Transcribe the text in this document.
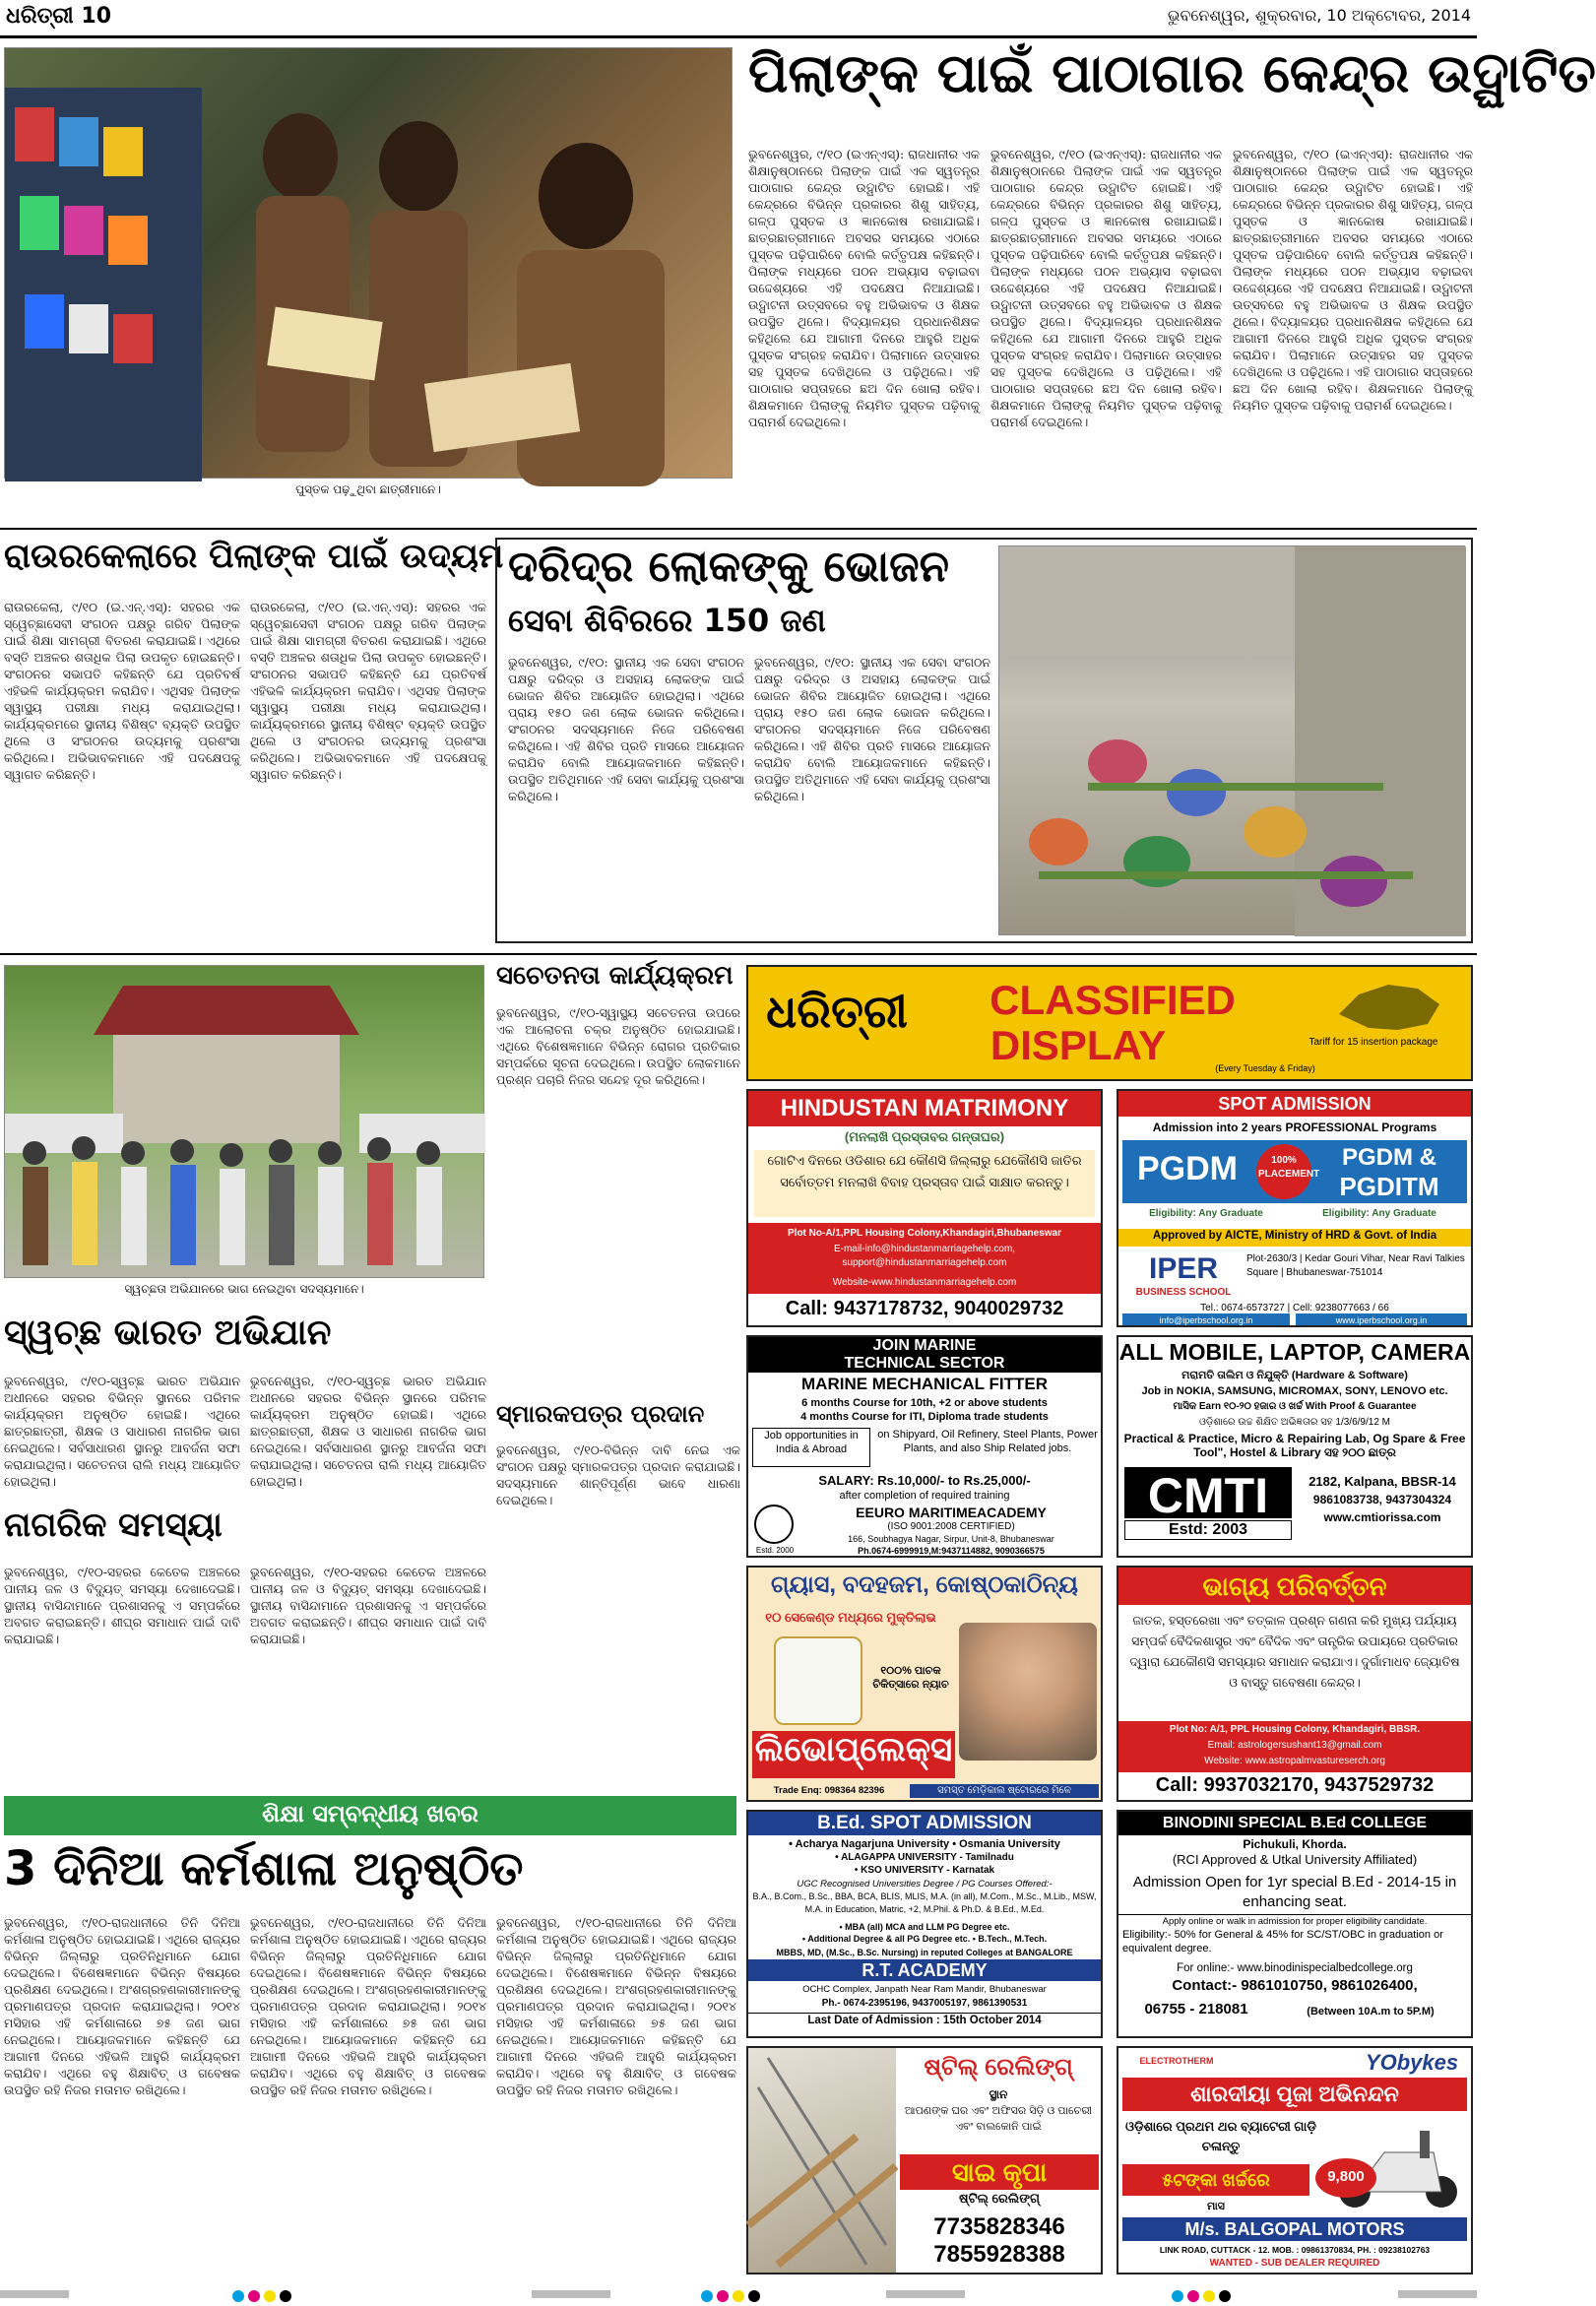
ଧରିତ୍ରୀ 10	ଭୁବନେଶ୍ୱର, ଶୁକ୍ରବାର, 10 ଅକ୍ଟୋବର, 2014
ପୁସ୍ତକ ପଢ଼ୁଥିବା ଛାତ୍ରୀମାନେ।
ପିଲାଙ୍କ ପାଇଁ ପାଠାଗାର କେନ୍ଦ୍ର ଉଦ୍ଘାଟିତ
ଭୁବନେଶ୍ୱର, ୯/୧୦ (ଇଏନ୍‌ଏସ୍): ରାଜଧାନୀର ଏକ ଶିକ୍ଷାନୁଷ୍ଠାନରେ ପିଲାଙ୍କ ପାଇଁ ଏକ ସ୍ୱତନ୍ତ୍ର ପାଠାଗାର କେନ୍ଦ୍ର ଉଦ୍ଘାଟିତ ହୋଇଛି। ଏହି କେନ୍ଦ୍ରରେ ବିଭିନ୍ନ ପ୍ରକାରର ଶିଶୁ ସାହିତ୍ୟ, ଗଳ୍ପ ପୁସ୍ତକ ଓ ଜ୍ଞାନକୋଷ ରଖାଯାଇଛି। ଛାତ୍ରଛାତ୍ରୀମାନେ ଅବସର ସମୟରେ ଏଠାରେ ପୁସ୍ତକ ପଢ଼ିପାରିବେ ବୋଲି କର୍ତ୍ତୃପକ୍ଷ କହିଛନ୍ତି। ପିଲାଙ୍କ ମଧ୍ୟରେ ପଠନ ଅଭ୍ୟାସ ବଢ଼ାଇବା ଉଦ୍ଦେଶ୍ୟରେ ଏହି ପଦକ୍ଷେପ ନିଆଯାଇଛି। ଉଦ୍ଘାଟନୀ ଉତ୍ସବରେ ବହୁ ଅଭିଭାବକ ଓ ଶିକ୍ଷକ ଉପସ୍ଥିତ ଥିଲେ। ବିଦ୍ୟାଳୟର ପ୍ରଧାନଶିକ୍ଷକ କହିଥିଲେ ଯେ ଆଗାମୀ ଦିନରେ ଆହୁରି ଅଧିକ ପୁସ୍ତକ ସଂଗ୍ରହ କରାଯିବ। ପିଲାମାନେ ଉତ୍ସାହର ସହ ପୁସ୍ତକ ଦେଖିଥିଲେ ଓ ପଢ଼ିଥିଲେ। ଏହି ପାଠାଗାର ସପ୍ତାହରେ ଛଅ ଦିନ ଖୋଲା ରହିବ। ଶିକ୍ଷକମାନେ ପିଲାଙ୍କୁ ନିୟମିତ ପୁସ୍ତକ ପଢ଼ିବାକୁ ପରାମର୍ଶ ଦେଇଥିଲେ।
ଭୁବନେଶ୍ୱର, ୯/୧୦ (ଇଏନ୍‌ଏସ୍): ରାଜଧାନୀର ଏକ ଶିକ୍ଷାନୁଷ୍ଠାନରେ ପିଲାଙ୍କ ପାଇଁ ଏକ ସ୍ୱତନ୍ତ୍ର ପାଠାଗାର କେନ୍ଦ୍ର ଉଦ୍ଘାଟିତ ହୋଇଛି। ଏହି କେନ୍ଦ୍ରରେ ବିଭିନ୍ନ ପ୍ରକାରର ଶିଶୁ ସାହିତ୍ୟ, ଗଳ୍ପ ପୁସ୍ତକ ଓ ଜ୍ଞାନକୋଷ ରଖାଯାଇଛି। ଛାତ୍ରଛାତ୍ରୀମାନେ ଅବସର ସମୟରେ ଏଠାରେ ପୁସ୍ତକ ପଢ଼ିପାରିବେ ବୋଲି କର୍ତ୍ତୃପକ୍ଷ କହିଛନ୍ତି। ପିଲାଙ୍କ ମଧ୍ୟରେ ପଠନ ଅଭ୍ୟାସ ବଢ଼ାଇବା ଉଦ୍ଦେଶ୍ୟରେ ଏହି ପଦକ୍ଷେପ ନିଆଯାଇଛି। ଉଦ୍ଘାଟନୀ ଉତ୍ସବରେ ବହୁ ଅଭିଭାବକ ଓ ଶିକ୍ଷକ ଉପସ୍ଥିତ ଥିଲେ। ବିଦ୍ୟାଳୟର ପ୍ରଧାନଶିକ୍ଷକ କହିଥିଲେ ଯେ ଆଗାମୀ ଦିନରେ ଆହୁରି ଅଧିକ ପୁସ୍ତକ ସଂଗ୍ରହ କରାଯିବ। ପିଲାମାନେ ଉତ୍ସାହର ସହ ପୁସ୍ତକ ଦେଖିଥିଲେ ଓ ପଢ଼ିଥିଲେ। ଏହି ପାଠାଗାର ସପ୍ତାହରେ ଛଅ ଦିନ ଖୋଲା ରହିବ। ଶିକ୍ଷକମାନେ ପିଲାଙ୍କୁ ନିୟମିତ ପୁସ୍ତକ ପଢ଼ିବାକୁ ପରାମର୍ଶ ଦେଇଥିଲେ।
ଭୁବନେଶ୍ୱର, ୯/୧୦ (ଇଏନ୍‌ଏସ୍): ରାଜଧାନୀର ଏକ ଶିକ୍ଷାନୁଷ୍ଠାନରେ ପିଲାଙ୍କ ପାଇଁ ଏକ ସ୍ୱତନ୍ତ୍ର ପାଠାଗାର କେନ୍ଦ୍ର ଉଦ୍ଘାଟିତ ହୋଇଛି। ଏହି କେନ୍ଦ୍ରରେ ବିଭିନ୍ନ ପ୍ରକାରର ଶିଶୁ ସାହିତ୍ୟ, ଗଳ୍ପ ପୁସ୍ତକ ଓ ଜ୍ଞାନକୋଷ ରଖାଯାଇଛି। ଛାତ୍ରଛାତ୍ରୀମାନେ ଅବସର ସମୟରେ ଏଠାରେ ପୁସ୍ତକ ପଢ଼ିପାରିବେ ବୋଲି କର୍ତ୍ତୃପକ୍ଷ କହିଛନ୍ତି। ପିଲାଙ୍କ ମଧ୍ୟରେ ପଠନ ଅଭ୍ୟାସ ବଢ଼ାଇବା ଉଦ୍ଦେଶ୍ୟରେ ଏହି ପଦକ୍ଷେପ ନିଆଯାଇଛି। ଉଦ୍ଘାଟନୀ ଉତ୍ସବରେ ବହୁ ଅଭିଭାବକ ଓ ଶିକ୍ଷକ ଉପସ୍ଥିତ ଥିଲେ। ବିଦ୍ୟାଳୟର ପ୍ରଧାନଶିକ୍ଷକ କହିଥିଲେ ଯେ ଆଗାମୀ ଦିନରେ ଆହୁରି ଅଧିକ ପୁସ୍ତକ ସଂଗ୍ରହ କରାଯିବ। ପିଲାମାନେ ଉତ୍ସାହର ସହ ପୁସ୍ତକ ଦେଖିଥିଲେ ଓ ପଢ଼ିଥିଲେ। ଏହି ପାଠାଗାର ସପ୍ତାହରେ ଛଅ ଦିନ ଖୋଲା ରହିବ। ଶିକ୍ଷକମାନେ ପିଲାଙ୍କୁ ନିୟମିତ ପୁସ୍ତକ ପଢ଼ିବାକୁ ପରାମର୍ଶ ଦେଇଥିଲେ।
ରାଉରକେଲାରେ ପିଲାଙ୍କ ପାଇଁ ଉଦ୍ୟମ
ରାଉରକେଲା, ୯/୧୦ (ଇ.ଏନ୍.ଏସ୍): ସହରର ଏକ ସ୍ୱେଚ୍ଛାସେବୀ ସଂଗଠନ ପକ୍ଷରୁ ଗରିବ ପିଲାଙ୍କ ପାଇଁ ଶିକ୍ଷା ସାମଗ୍ରୀ ବିତରଣ କରାଯାଇଛି। ଏଥିରେ ବସ୍ତି ଅଞ୍ଚଳର ଶତାଧିକ ପିଲା ଉପକୃତ ହୋଇଛନ୍ତି। ସଂଗଠନର ସଭାପତି କହିଛନ୍ତି ଯେ ପ୍ରତିବର୍ଷ ଏହିଭଳି କାର୍ଯ୍ୟକ୍ରମ କରାଯିବ। ଏଥିସହ ପିଲାଙ୍କ ସ୍ୱାସ୍ଥ୍ୟ ପରୀକ୍ଷା ମଧ୍ୟ କରାଯାଇଥିଲା। କାର୍ଯ୍ୟକ୍ରମରେ ସ୍ଥାନୀୟ ବିଶିଷ୍ଟ ବ୍ୟକ୍ତି ଉପସ୍ଥିତ ଥିଲେ ଓ ସଂଗଠନର ଉଦ୍ୟମକୁ ପ୍ରଶଂସା କରିଥିଲେ। ଅଭିଭାବକମାନେ ଏହି ପଦକ୍ଷେପକୁ ସ୍ୱାଗତ କରିଛନ୍ତି।
ରାଉରକେଲା, ୯/୧୦ (ଇ.ଏନ୍.ଏସ୍): ସହରର ଏକ ସ୍ୱେଚ୍ଛାସେବୀ ସଂଗଠନ ପକ୍ଷରୁ ଗରିବ ପିଲାଙ୍କ ପାଇଁ ଶିକ୍ଷା ସାମଗ୍ରୀ ବିତରଣ କରାଯାଇଛି। ଏଥିରେ ବସ୍ତି ଅଞ୍ଚଳର ଶତାଧିକ ପିଲା ଉପକୃତ ହୋଇଛନ୍ତି। ସଂଗଠନର ସଭାପତି କହିଛନ୍ତି ଯେ ପ୍ରତିବର୍ଷ ଏହିଭଳି କାର୍ଯ୍ୟକ୍ରମ କରାଯିବ। ଏଥିସହ ପିଲାଙ୍କ ସ୍ୱାସ୍ଥ୍ୟ ପରୀକ୍ଷା ମଧ୍ୟ କରାଯାଇଥିଲା। କାର୍ଯ୍ୟକ୍ରମରେ ସ୍ଥାନୀୟ ବିଶିଷ୍ଟ ବ୍ୟକ୍ତି ଉପସ୍ଥିତ ଥିଲେ ଓ ସଂଗଠନର ଉଦ୍ୟମକୁ ପ୍ରଶଂସା କରିଥିଲେ। ଅଭିଭାବକମାନେ ଏହି ପଦକ୍ଷେପକୁ ସ୍ୱାଗତ କରିଛନ୍ତି।
ଦରିଦ୍ର ଲୋକଙ୍କୁ ଭୋଜନ
ସେବା ଶିବିରରେ 150 ଜଣ
ଭୁବନେଶ୍ୱର, ୯/୧୦: ସ୍ଥାନୀୟ ଏକ ସେବା ସଂଗଠନ ପକ୍ଷରୁ ଦରିଦ୍ର ଓ ଅସହାୟ ଲୋକଙ୍କ ପାଇଁ ଭୋଜନ ଶିବିର ଆୟୋଜିତ ହୋଇଥିଲା। ଏଥିରେ ପ୍ରାୟ ୧୫୦ ଜଣ ଲୋକ ଭୋଜନ କରିଥିଲେ। ସଂଗଠନର ସଦସ୍ୟମାନେ ନିଜେ ପରିବେଷଣ କରିଥିଲେ। ଏହି ଶିବିର ପ୍ରତି ମାସରେ ଆୟୋଜନ କରାଯିବ ବୋଲି ଆୟୋଜକମାନେ କହିଛନ୍ତି। ଉପସ୍ଥିତ ଅତିଥିମାନେ ଏହି ସେବା କାର୍ଯ୍ୟକୁ ପ୍ରଶଂସା କରିଥିଲେ।
ଭୁବନେଶ୍ୱର, ୯/୧୦: ସ୍ଥାନୀୟ ଏକ ସେବା ସଂଗଠନ ପକ୍ଷରୁ ଦରିଦ୍ର ଓ ଅସହାୟ ଲୋକଙ୍କ ପାଇଁ ଭୋଜନ ଶିବିର ଆୟୋଜିତ ହୋଇଥିଲା। ଏଥିରେ ପ୍ରାୟ ୧୫୦ ଜଣ ଲୋକ ଭୋଜନ କରିଥିଲେ। ସଂଗଠନର ସଦସ୍ୟମାନେ ନିଜେ ପରିବେଷଣ କରିଥିଲେ। ଏହି ଶିବିର ପ୍ରତି ମାସରେ ଆୟୋଜନ କରାଯିବ ବୋଲି ଆୟୋଜକମାନେ କହିଛନ୍ତି। ଉପସ୍ଥିତ ଅତିଥିମାନେ ଏହି ସେବା କାର୍ଯ୍ୟକୁ ପ୍ରଶଂସା କରିଥିଲେ।
ସ୍ୱଚ୍ଛତା ଅଭିଯାନରେ ଭାଗ ନେଇଥିବା ସଦସ୍ୟମାନେ।
ସଚେତନତା କାର୍ଯ୍ୟକ୍ରମ
ଭୁବନେଶ୍ୱର, ୯/୧୦-ସ୍ୱାସ୍ଥ୍ୟ ସଚେତନତା ଉପରେ ଏକ ଆଲୋଚନା ଚକ୍ର ଅନୁଷ୍ଠିତ ହୋଇଯାଇଛି। ଏଥିରେ ବିଶେଷଜ୍ଞମାନେ ବିଭିନ୍ନ ରୋଗର ପ୍ରତିକାର ସମ୍ପର୍କରେ ସୂଚନା ଦେଇଥିଲେ। ଉପସ୍ଥିତ ଲୋକମାନେ ପ୍ରଶ୍ନ ପଚାରି ନିଜର ସନ୍ଦେହ ଦୂର କରିଥିଲେ।
ସ୍ୱଚ୍ଛ ଭାରତ ଅଭିଯାନ
ଭୁବନେଶ୍ୱର, ୯/୧୦-ସ୍ୱଚ୍ଛ ଭାରତ ଅଭିଯାନ ଅଧୀନରେ ସହରର ବିଭିନ୍ନ ସ୍ଥାନରେ ପରିମଳ କାର୍ଯ୍ୟକ୍ରମ ଅନୁଷ୍ଠିତ ହୋଇଛି। ଏଥିରେ ଛାତ୍ରଛାତ୍ରୀ, ଶିକ୍ଷକ ଓ ସାଧାରଣ ନାଗରିକ ଭାଗ ନେଇଥିଲେ। ସର୍ବସାଧାରଣ ସ୍ଥାନରୁ ଆବର୍ଜନା ସଫା କରାଯାଇଥିଲା। ସଚେତନତା ରାଲି ମଧ୍ୟ ଆୟୋଜିତ ହୋଇଥିଲା।
ଭୁବନେଶ୍ୱର, ୯/୧୦-ସ୍ୱଚ୍ଛ ଭାରତ ଅଭିଯାନ ଅଧୀନରେ ସହରର ବିଭିନ୍ନ ସ୍ଥାନରେ ପରିମଳ କାର୍ଯ୍ୟକ୍ରମ ଅନୁଷ୍ଠିତ ହୋଇଛି। ଏଥିରେ ଛାତ୍ରଛାତ୍ରୀ, ଶିକ୍ଷକ ଓ ସାଧାରଣ ନାଗରିକ ଭାଗ ନେଇଥିଲେ। ସର୍ବସାଧାରଣ ସ୍ଥାନରୁ ଆବର୍ଜନା ସଫା କରାଯାଇଥିଲା। ସଚେତନତା ରାଲି ମଧ୍ୟ ଆୟୋଜିତ ହୋଇଥିଲା।
ସ୍ମାରକପତ୍ର ପ୍ରଦାନ
ଭୁବନେଶ୍ୱର, ୯/୧୦-ବିଭିନ୍ନ ଦାବି ନେଇ ଏକ ସଂଗଠନ ପକ୍ଷରୁ ସ୍ମାରକପତ୍ର ପ୍ରଦାନ କରାଯାଇଛି। ସଦସ୍ୟମାନେ ଶାନ୍ତିପୂର୍ଣ୍ଣ ଭାବେ ଧାରଣା ଦେଇଥିଲେ।
ନାଗରିକ ସମସ୍ୟା
ଭୁବନେଶ୍ୱର, ୯/୧୦-ସହରର କେତେକ ଅଞ୍ଚଳରେ ପାନୀୟ ଜଳ ଓ ବିଦ୍ୟୁତ୍ ସମସ୍ୟା ଦେଖାଦେଇଛି। ସ୍ଥାନୀୟ ବାସିନ୍ଦାମାନେ ପ୍ରଶାସନକୁ ଏ ସମ୍ପର୍କରେ ଅବଗତ କରାଇଛନ୍ତି। ଶୀଘ୍ର ସମାଧାନ ପାଇଁ ଦାବି କରାଯାଇଛି।
ଭୁବନେଶ୍ୱର, ୯/୧୦-ସହରର କେତେକ ଅଞ୍ଚଳରେ ପାନୀୟ ଜଳ ଓ ବିଦ୍ୟୁତ୍ ସମସ୍ୟା ଦେଖାଦେଇଛି। ସ୍ଥାନୀୟ ବାସିନ୍ଦାମାନେ ପ୍ରଶାସନକୁ ଏ ସମ୍ପର୍କରେ ଅବଗତ କରାଇଛନ୍ତି। ଶୀଘ୍ର ସମାଧାନ ପାଇଁ ଦାବି କରାଯାଇଛି।
ଶିକ୍ଷା ସମ୍ବନ୍ଧୀୟ ଖବର
3 ଦିନିଆ କର୍ମଶାଳା ଅନୁଷ୍ଠିତ
ଭୁବନେଶ୍ୱର, ୯/୧୦-ରାଜଧାନୀରେ ତିନି ଦିନିଆ କର୍ମଶାଳା ଅନୁଷ୍ଠିତ ହୋଇଯାଇଛି। ଏଥିରେ ରାଜ୍ୟର ବିଭିନ୍ନ ଜିଲ୍ଲାରୁ ପ୍ରତିନିଧିମାନେ ଯୋଗ ଦେଇଥିଲେ। ବିଶେଷଜ୍ଞମାନେ ବିଭିନ୍ନ ବିଷୟରେ ପ୍ରଶିକ୍ଷଣ ଦେଇଥିଲେ। ଅଂଶଗ୍ରହଣକାରୀମାନଙ୍କୁ ପ୍ରମାଣପତ୍ର ପ୍ରଦାନ କରାଯାଇଥିଲା। ୨୦୧୪ ମସିହାର ଏହି କର୍ମଶାଳାରେ ୭୫ ଜଣ ଭାଗ ନେଇଥିଲେ। ଆୟୋଜକମାନେ କହିଛନ୍ତି ଯେ ଆଗାମୀ ଦିନରେ ଏହିଭଳି ଆହୁରି କାର୍ଯ୍ୟକ୍ରମ କରାଯିବ। ଏଥିରେ ବହୁ ଶିକ୍ଷାବିତ୍ ଓ ଗବେଷକ ଉପସ୍ଥିତ ରହି ନିଜର ମତାମତ ରଖିଥିଲେ।
ଭୁବନେଶ୍ୱର, ୯/୧୦-ରାଜଧାନୀରେ ତିନି ଦିନିଆ କର୍ମଶାଳା ଅନୁଷ୍ଠିତ ହୋଇଯାଇଛି। ଏଥିରେ ରାଜ୍ୟର ବିଭିନ୍ନ ଜିଲ୍ଲାରୁ ପ୍ରତିନିଧିମାନେ ଯୋଗ ଦେଇଥିଲେ। ବିଶେଷଜ୍ଞମାନେ ବିଭିନ୍ନ ବିଷୟରେ ପ୍ରଶିକ୍ଷଣ ଦେଇଥିଲେ। ଅଂଶଗ୍ରହଣକାରୀମାନଙ୍କୁ ପ୍ରମାଣପତ୍ର ପ୍ରଦାନ କରାଯାଇଥିଲା। ୨୦୧୪ ମସିହାର ଏହି କର୍ମଶାଳାରେ ୭୫ ଜଣ ଭାଗ ନେଇଥିଲେ। ଆୟୋଜକମାନେ କହିଛନ୍ତି ଯେ ଆଗାମୀ ଦିନରେ ଏହିଭଳି ଆହୁରି କାର୍ଯ୍ୟକ୍ରମ କରାଯିବ। ଏଥିରେ ବହୁ ଶିକ୍ଷାବିତ୍ ଓ ଗବେଷକ ଉପସ୍ଥିତ ରହି ନିଜର ମତାମତ ରଖିଥିଲେ।
ଭୁବନେଶ୍ୱର, ୯/୧୦-ରାଜଧାନୀରେ ତିନି ଦିନିଆ କର୍ମଶାଳା ଅନୁଷ୍ଠିତ ହୋଇଯାଇଛି। ଏଥିରେ ରାଜ୍ୟର ବିଭିନ୍ନ ଜିଲ୍ଲାରୁ ପ୍ରତିନିଧିମାନେ ଯୋଗ ଦେଇଥିଲେ। ବିଶେଷଜ୍ଞମାନେ ବିଭିନ୍ନ ବିଷୟରେ ପ୍ରଶିକ୍ଷଣ ଦେଇଥିଲେ। ଅଂଶଗ୍ରହଣକାରୀମାନଙ୍କୁ ପ୍ରମାଣପତ୍ର ପ୍ରଦାନ କରାଯାଇଥିଲା। ୨୦୧୪ ମସିହାର ଏହି କର୍ମଶାଳାରେ ୭୫ ଜଣ ଭାଗ ନେଇଥିଲେ। ଆୟୋଜକମାନେ କହିଛନ୍ତି ଯେ ଆଗାମୀ ଦିନରେ ଏହିଭଳି ଆହୁରି କାର୍ଯ୍ୟକ୍ରମ କରାଯିବ। ଏଥିରେ ବହୁ ଶିକ୍ଷାବିତ୍ ଓ ଗବେଷକ ଉପସ୍ଥିତ ରହି ନିଜର ମତାମତ ରଖିଥିଲେ।
ଧରିତ୍ରୀ	CLASSIFIED
DISPLAY	Tariff for 15 insertion package
(Every Tuesday & Friday)
HINDUSTAN MATRIMONY
(ମନଲାଖି ପ୍ରସ୍ତାବର ଗନ୍ତାଘର)
ଗୋଟିଏ ଦିନରେ ଓଡିଶାର ଯେ କୌଣସି ଜିଲ୍ଲାରୁ ଯେକୌଣସି ଜାତିର ସର୍ବୋତ୍ତମ ମନଲାଖି ବିବାହ ପ୍ରସ୍ତାବ ପାଇଁ ସାକ୍ଷାତ କରନ୍ତୁ।
Plot No-A/1,PPL Housing Colony,Khandagiri,Bhubaneswar
E-mail-info@hindustanmarriagehelp.com, support@hindustanmarriagehelp.com
Website-www.hindustanmarriagehelp.com
Call: 9437178732, 9040029732
SPOT ADMISSION
Admission into 2 years PROFESSIONAL Programs
PGDM	100% PLACEMENT
PGDM &
PGDITM
Eligibility: Any Graduate	Eligibility: Any Graduate
Approved by AICTE, Ministry of HRD & Govt. of India
IPER
BUSINESS SCHOOL
Plot-2630/3 | Kedar Gouri Vihar, Near Ravi Talkies Square | Bhubaneswar-751014
Tel.: 0674-6573727 | Cell: 9238077663 / 66
info@iperbschool.org.in	www.iperbschool.org.in
JOIN MARINE
TECHNICAL SECTOR
MARINE MECHANICAL FITTER
6 months Course for 10th, +2 or above students
4 months Course for ITI, Diploma trade students
Job opportunities in India & Abroad
on Shipyard, Oil Refinery, Steel Plants, Power Plants, and also Ship Related jobs.
SALARY: Rs.10,000/- to Rs.25,000/-
after completion of required training
Estd. 2000
EEURO MARITIMEACADEMY
(ISO 9001:2008 CERTIFIED)
166, Soubhagya Nagar, Sirpur, Unit-8, Bhubaneswar
Ph.0674-6999919,M:9437114882, 9090366575
ALL MOBILE, LAPTOP, CAMERA
ମରାମତି ତାଲିମ ଓ ନିଯୁକ୍ତି (Hardware & Software)
Job in NOKIA, SAMSUNG, MICROMAX, SONY, LENOVO etc.
ମାସିକ Earn ୧୦-୨୦ ହଜାର ଓ ଖର୍ଚ୍ଚ With Proof & Guarantee
ଓଡ଼ିଶାରେ ଉଚ୍ଚ ଶିକ୍ଷିତ ଅଭିଜ୍ଞତାର ସହ 1/3/6/9/12 M
Practical & Practice, Micro & Repairing Lab, Og Spare & Free Tool", Hostel & Library ସହ ୨୦୦ ଛାତ୍ର
CMTI
Estd: 2003
2182, Kalpana, BBSR-14
9861083738, 9437304324
www.cmtiorissa.com
ଗ୍ୟାସ, ବଦହଜମ, କୋଷ୍ଠକାଠିନ୍ୟ
୧୦ ସେକେଣ୍ଡ ମଧ୍ୟରେ ମୁକ୍ତିଲାଭ
୧୦୦% ପାଚକ ଚିକିତ୍ସାରେ ନ୍ୟାଚ
ଲିଭୋପ୍ଲେକ୍ସ
Trade Enq: 098364 82396	ସମସ୍ତ ମେଡ଼ିକାଲ ଷ୍ଟୋରରେ ମିଳେ
ଭାଗ୍ୟ ପରିବର୍ତ୍ତନ
ଜାତକ, ହସ୍ତରେଖା ଏବଂ ତତ୍କାଳ ପ୍ରଶ୍ନ ଗଣନା କରି ମୁଖ୍ୟ ପର୍ଯ୍ୟାୟ ସମ୍ପର୍କ ବୈଦିକଶାସ୍ତ୍ର ଏବଂ ବୈଦିକ ଏବଂ ତାନ୍ତ୍ରିକ ଉପାୟରେ ପ୍ରତିକାର ଦ୍ୱାରା ଯେକୌଣସି ସମସ୍ୟାର ସମାଧାନ କରାଯାଏ। ଦୁର୍ଗାମାଧବ ଜ୍ୟୋତିଷ ଓ ବାସ୍ତୁ ଗବେଷଣା କେନ୍ଦ୍ର।
Plot No: A/1, PPL Housing Colony, Khandagiri, BBSR.
Email: astrologersushant13@gmail.com
Website: www.astropalmvastureserch.org
Call: 9937032170, 9437529732
B.Ed. SPOT ADMISSION
• Acharya Nagarjuna University • Osmania University
• ALAGAPPA UNIVERSITY - Tamilnadu
• KSO UNIVERSITY - Karnatak
UGC Recognised Universities Degree / PG Courses Offered:-
B.A., B.Com., B.Sc., BBA, BCA, BLIS, MLIS, M.A. (in all), M.Com., M.Sc., M.Lib., MSW, M.A. in Education, Matric, +2, M.Phil. & Ph.D. & B.Ed., M.Ed.
• MBA (all) MCA and LLM PG Degree etc.
• Additional Degree & all PG Degree etc. • B.Tech., M.Tech.
MBBS, MD, (M.Sc., B.Sc. Nursing) in reputed Colleges at BANGALORE
R.T. ACADEMY
OCHC Complex, Janpath Near Ram Mandir, Bhubaneswar
Ph.- 0674-2395196, 9437005197, 9861390531
Last Date of Admission : 15th October 2014
BINODINI SPECIAL B.Ed COLLEGE
Pichukuli, Khorda.
(RCI Approved & Utkal University Affiliated)
Admission Open for 1yr special B.Ed - 2014-15 in enhancing seat.
Apply online or walk in admission for proper eligibility candidate.
Eligibility:- 50% for General & 45% for SC/ST/OBC in graduation or equivalent degree.
For online:- www.binodinispecialbedcollege.org
Contact:- 9861010750, 9861026400,
06755 - 218081	(Between 10A.m to 5P.M)
ଷ୍ଟିଲ୍ ରେଲିଙ୍ଗ୍
ସ୍ଥାନ
ଆପଣଙ୍କ ଘର ଏବଂ ଅଫିସର ସିଡ଼ି ଓ ପାଚେରୀ ଏବଂ ବାଲକୋନି ପାଇଁ
ସାଇ କୃପା
ଷ୍ଟିଲ୍ ରେଲିଙ୍ଗ୍
7735828346
7855928388
ELECTROTHERM	YObykes
ଶାରଦୀୟା ପୂଜା ଅଭିନନ୍ଦନ
ଓଡ଼ିଶାରେ ପ୍ରଥମ ଥର ବ୍ୟାଟେରୀ ଗାଡ଼ି ଚଳାନ୍ତୁ
9,800
୫ଟଙ୍କା ଖର୍ଚ୍ଚରେ
ମାସ
M/s. BALGOPAL MOTORS
LINK ROAD, CUTTACK - 12. MOB. : 09861370834, PH. : 09238102763
WANTED - SUB DEALER REQUIRED
